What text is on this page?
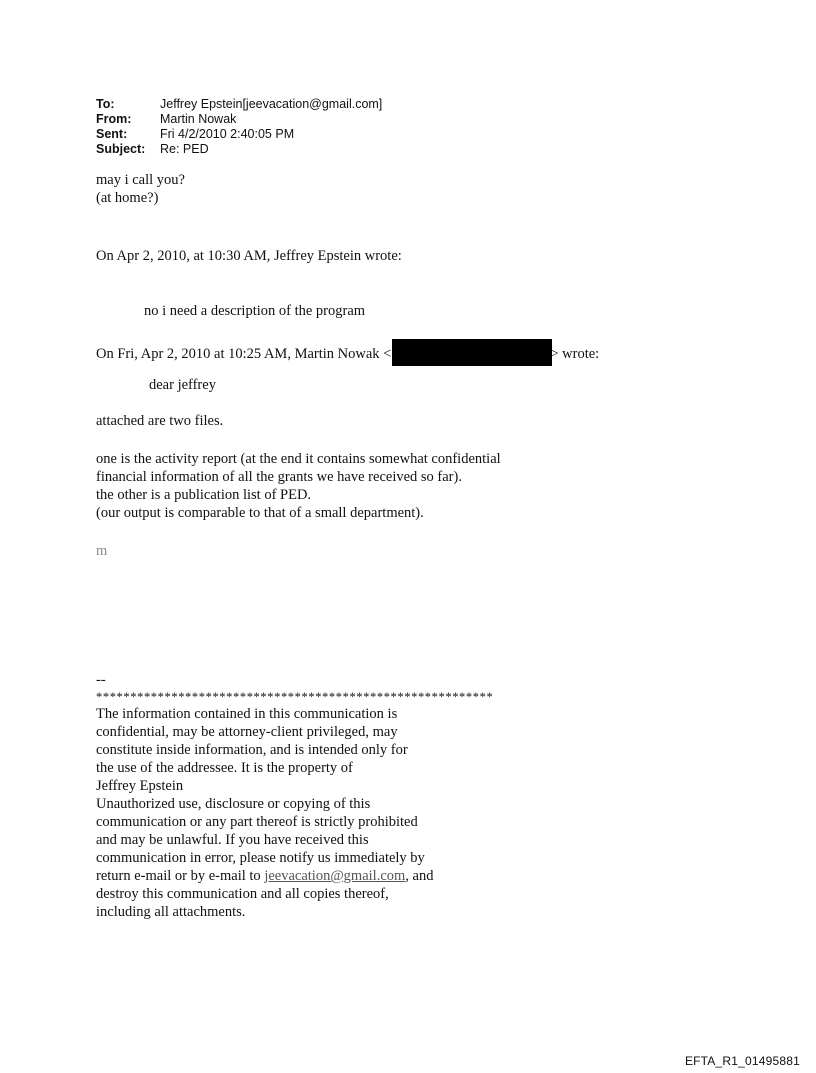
To:	Jeffrey Epstein[jeevacation@gmail.com]
From:	Martin Nowak
Sent:	Fri 4/2/2010 2:40:05 PM
Subject:	Re: PED
may i call you?
(at home?)
On Apr 2, 2010, at 10:30 AM, Jeffrey Epstein wrote:
no i need a description of the program
On Fri, Apr 2, 2010 at 10:25 AM, Martin Nowak <	> wrote:
dear jeffrey
attached are two files.
one is the activity report (at the end it contains somewhat confidential
financial information of all the grants we have received so far).
the other is a publication list of PED.
(our output is comparable to that of a small department).
m
--
**********************************************************
The information contained in this communication is
confidential, may be attorney-client privileged, may
constitute inside information, and is intended only for
the use of the addressee. It is the property of
Jeffrey Epstein
Unauthorized use, disclosure or copying of this
communication or any part thereof is strictly prohibited
and may be unlawful. If you have received this
communication in error, please notify us immediately by
return e-mail or by e-mail to jeevacation@gmail.com, and
destroy this communication and all copies thereof,
including all attachments.
EFTA_R1_01495881
